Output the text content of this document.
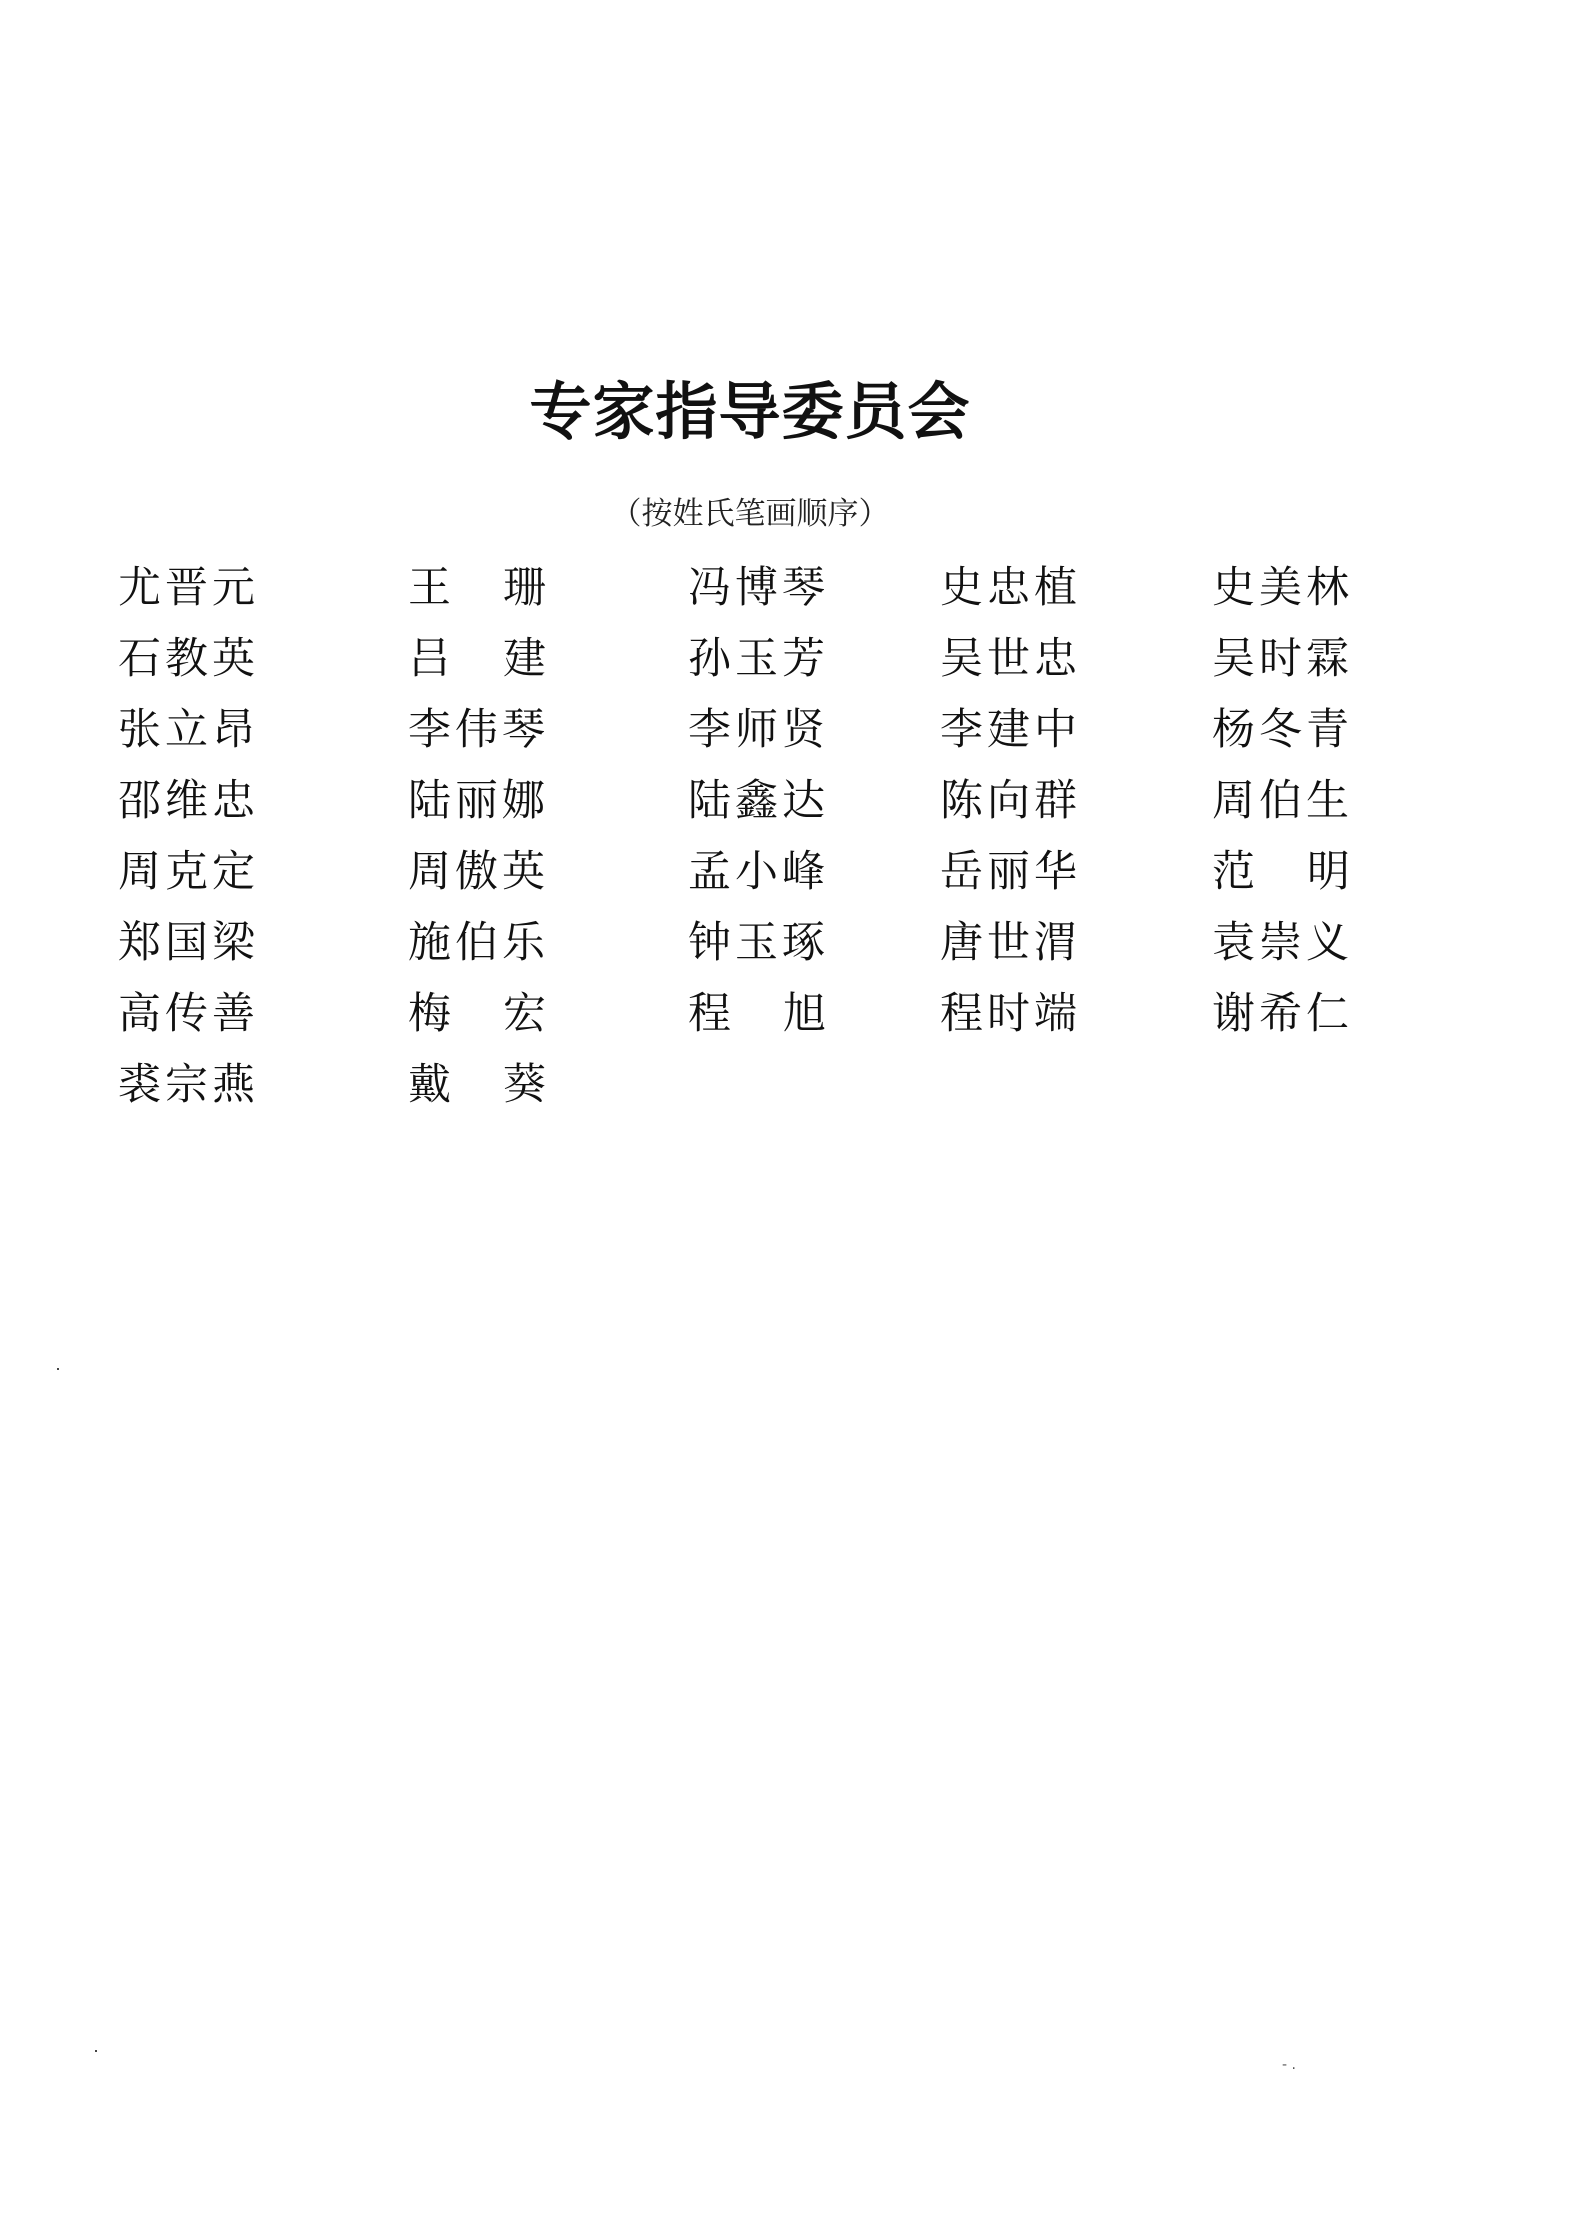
专家指导委员会
（按姓氏笔画顺序）
尤晋元	王 珊	冯博琴	史忠植	史美林
石教英	吕 建	孙玉芳	吴世忠	吴时霖
张立昂	李伟琴	李师贤	李建中	杨冬青
邵维忠	陆丽娜	陆鑫达	陈向群	周伯生
周克定	周傲英	孟小峰	岳丽华	范 明
郑国梁	施伯乐	钟玉琢	唐世渭	袁崇义
高传善	梅 宏	程 旭	程时端	谢希仁
裘宗燕	戴 葵
- .
